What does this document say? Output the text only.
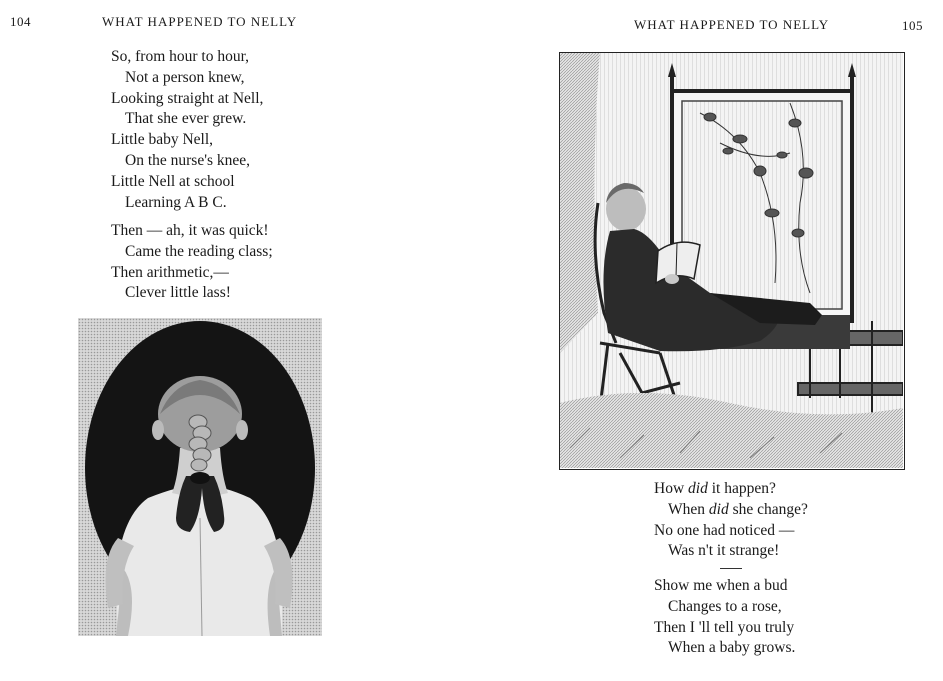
104	WHAT HAPPENED TO NELLY
So, from hour to hour,
Not a person knew,
Looking straight at Nell,
That she ever grew.
Little baby Nell,
On the nurse's knee,
Little Nell at school
Learning A B C.
Then — ah, it was quick!
Came the reading class;
Then arithmetic,—
Clever little lass!
WHAT HAPPENED TO NELLY	105
How did it happen?
When did she change?
No one had noticed —
Was n't it strange!
Show me when a bud
Changes to a rose,
Then I 'll tell you truly
When a baby grows.
